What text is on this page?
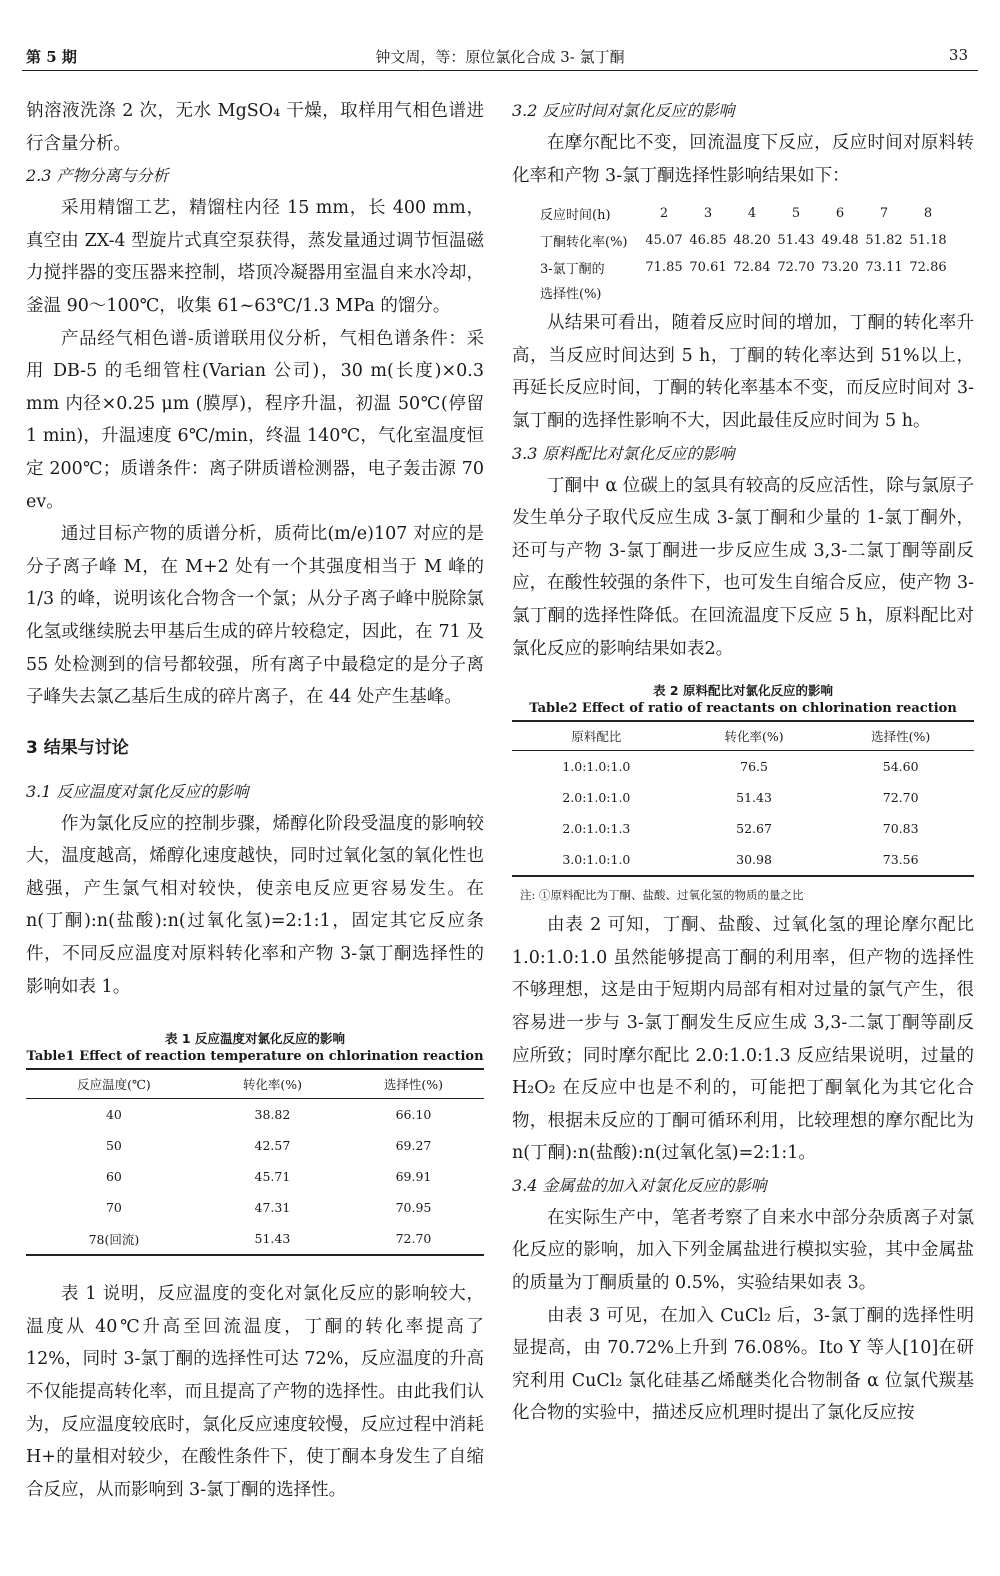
第 5 期	钟文周，等：原位氯化合成 3- 氯丁酮	33

钠溶液洗涤 2 次，无水 MgSO₄ 干燥，取样用气相色谱进行含量分析。

2.3 产物分离与分析

采用精馏工艺，精馏柱内径 15 mm，长 400 mm，真空由 ZX-4 型旋片式真空泵获得，蒸发量通过调节恒温磁力搅拌器的变压器来控制，塔顶冷凝器用室温自来水冷却，釜温 90～100℃，收集 61~63℃/1.3 MPa 的馏分。

产品经气相色谱-质谱联用仪分析，气相色谱条件：采用 DB-5 的毛细管柱(Varian 公司)，30 m(长度)×0.3 mm 内径×0.25 μm (膜厚)，程序升温，初温 50℃(停留 1 min)，升温速度 6℃/min，终温 140℃，气化室温度恒定 200℃；质谱条件：离子阱质谱检测器，电子轰击源 70 ev。

通过目标产物的质谱分析，质荷比(m/e)107 对应的是分子离子峰 M，在 M+2 处有一个其强度相当于 M 峰的 1/3 的峰，说明该化合物含一个氯；从分子离子峰中脱除氯化氢或继续脱去甲基后生成的碎片较稳定，因此，在 71 及 55 处检测到的信号都较强，所有离子中最稳定的是分子离子峰失去氯乙基后生成的碎片离子，在 44 处产生基峰。

3 结果与讨论

3.1 反应温度对氯化反应的影响

作为氯化反应的控制步骤，烯醇化阶段受温度的影响较大，温度越高，烯醇化速度越快，同时过氧化氢的氧化性也越强，产生氯气相对较快，使亲电反应更容易发生。在 n(丁酮):n(盐酸):n(过氧化氢)=2:1:1，固定其它反应条件，不同反应温度对原料转化率和产物 3-氯丁酮选择性的影响如表 1。

表 1 反应温度对氯化反应的影响
Table1 Effect of reaction temperature on chlorination reaction
反应温度(℃)	转化率(%)	选择性(%)
40	38.82	66.10
50	42.57	69.27
60	45.71	69.91
70	47.31	70.95
78(回流)	51.43	72.70

表 1 说明，反应温度的变化对氯化反应的影响较大，温度从 40℃升高至回流温度，丁酮的转化率提高了 12%，同时 3-氯丁酮的选择性可达 72%，反应温度的升高不仅能提高转化率，而且提高了产物的选择性。由此我们认为，反应温度较底时，氯化反应速度较慢，反应过程中消耗 H+的量相对较少，在酸性条件下，使丁酮本身发生了自缩合反应，从而影响到 3-氯丁酮的选择性。

3.2 反应时间对氯化反应的影响

在摩尔配比不变，回流温度下反应，反应时间对原料转化率和产物 3-氯丁酮选择性影响结果如下：

反应时间(h)	2	3	4	5	6	7	8
丁酮转化率(%)	45.07 46.85 48.20 51.43 49.48 51.82 51.18
3-氯丁酮的	71.85 70.61 72.84 72.70 73.20 73.11 72.86
选择性(%)

从结果可看出，随着反应时间的增加，丁酮的转化率升高，当反应时间达到 5 h，丁酮的转化率达到 51%以上，再延长反应时间，丁酮的转化率基本不变，而反应时间对 3-氯丁酮的选择性影响不大，因此最佳反应时间为 5 h。

3.3 原料配比对氯化反应的影响

丁酮中 α 位碳上的氢具有较高的反应活性，除与氯原子发生单分子取代反应生成 3-氯丁酮和少量的 1-氯丁酮外，还可与产物 3-氯丁酮进一步反应生成 3,3-二氯丁酮等副反应，在酸性较强的条件下，也可发生自缩合反应，使产物 3-氯丁酮的选择性降低。在回流温度下反应 5 h，原料配比对氯化反应的影响结果如表2。

表 2 原料配比对氯化反应的影响
Table2 Effect of ratio of reactants on chlorination reaction
原料配比	转化率(%)	选择性(%)
1.0:1.0:1.0	76.5	54.60
2.0:1.0:1.0	51.43	72.70
2.0:1.0:1.3	52.67	70.83
3.0:1.0:1.0	30.98	73.56
注: ①原料配比为丁酮、盐酸、过氧化氢的物质的量之比

由表 2 可知，丁酮、盐酸、过氧化氢的理论摩尔配比 1.0:1.0:1.0 虽然能够提高丁酮的利用率，但产物的选择性不够理想，这是由于短期内局部有相对过量的氯气产生，很容易进一步与 3-氯丁酮发生反应生成 3,3-二氯丁酮等副反应所致；同时摩尔配比 2.0:1.0:1.3 反应结果说明，过量的 H₂O₂ 在反应中也是不利的，可能把丁酮氧化为其它化合物，根据未反应的丁酮可循环利用，比较理想的摩尔配比为 n(丁酮):n(盐酸):n(过氧化氢)=2:1:1。

3.4 金属盐的加入对氯化反应的影响

在实际生产中，笔者考察了自来水中部分杂质离子对氯化反应的影响，加入下列金属盐进行模拟实验，其中金属盐的质量为丁酮质量的 0.5%，实验结果如表 3。

由表 3 可见，在加入 CuCl₂ 后，3-氯丁酮的选择性明显提高，由 70.72%上升到 76.08%。Ito Y 等人[10]在研究利用 CuCl₂ 氯化硅基乙烯醚类化合物制备 α 位氯代羰基化合物的实验中，描述反应机理时提出了氯化反应按
